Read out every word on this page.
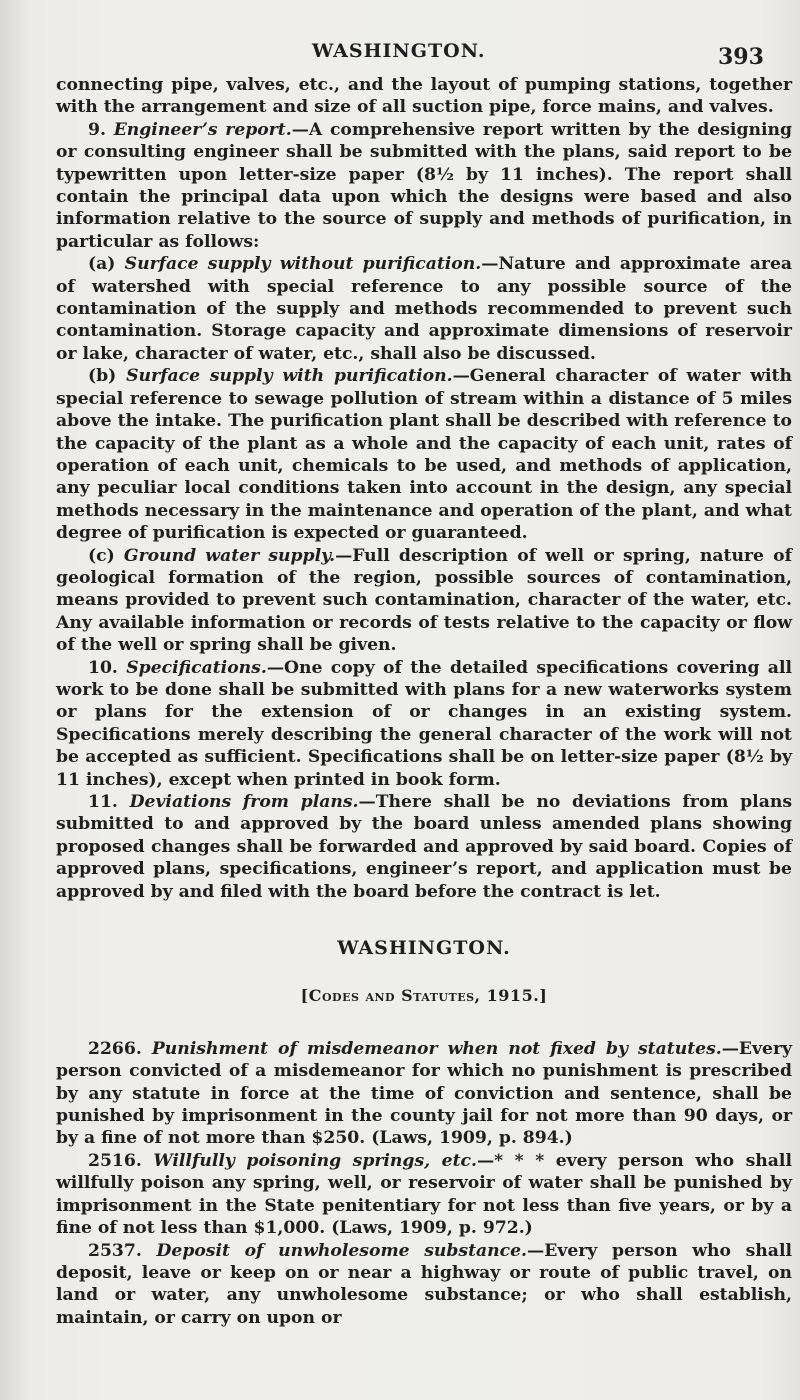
WASHINGTON.	393

connecting pipe, valves, etc., and the layout of pumping stations, together with the arrangement and size of all suction pipe, force mains, and valves.

9. Engineer’s report.—A comprehensive report written by the designing or consulting engineer shall be submitted with the plans, said report to be typewritten upon letter-size paper (8½ by 11 inches). The report shall contain the principal data upon which the designs were based and also information relative to the source of supply and methods of purification, in particular as follows:

(a) Surface supply without purification.—Nature and approximate area of watershed with special reference to any possible source of the contamination of the supply and methods recommended to prevent such contamination. Storage capacity and approximate dimensions of reservoir or lake, character of water, etc., shall also be discussed.

(b) Surface supply with purification.—General character of water with special reference to sewage pollution of stream within a distance of 5 miles above the intake. The purification plant shall be described with reference to the capacity of the plant as a whole and the capacity of each unit, rates of operation of each unit, chemicals to be used, and methods of application, any peculiar local conditions taken into account in the design, any special methods necessary in the maintenance and operation of the plant, and what degree of purification is expected or guaranteed.

(c) Ground water supply.—Full description of well or spring, nature of geological formation of the region, possible sources of contamination, means provided to prevent such contamination, character of the water, etc. Any available information or records of tests relative to the capacity or flow of the well or spring shall be given.

10. Specifications.—One copy of the detailed specifications covering all work to be done shall be submitted with plans for a new waterworks system or plans for the extension of or changes in an existing system. Specifications merely describing the general character of the work will not be accepted as sufficient. Specifications shall be on letter-size paper (8½ by 11 inches), except when printed in book form.

11. Deviations from plans.—There shall be no deviations from plans submitted to and approved by the board unless amended plans showing proposed changes shall be forwarded and approved by said board. Copies of approved plans, specifications, engineer’s report, and application must be approved by and filed with the board before the contract is let.

WASHINGTON.
[Codes and Statutes, 1915.]

2266. Punishment of misdemeanor when not fixed by statutes.—Every person convicted of a misdemeanor for which no punishment is prescribed by any statute in force at the time of conviction and sentence, shall be punished by imprisonment in the county jail for not more than 90 days, or by a fine of not more than $250. (Laws, 1909, p. 894.)

2516. Willfully poisoning springs, etc.—* * * every person who shall willfully poison any spring, well, or reservoir of water shall be punished by imprisonment in the State penitentiary for not less than five years, or by a fine of not less than $1,000. (Laws, 1909, p. 972.)

2537. Deposit of unwholesome substance.—Every person who shall deposit, leave or keep on or near a highway or route of public travel, on land or water, any unwholesome substance; or who shall establish, maintain, or carry on upon or
